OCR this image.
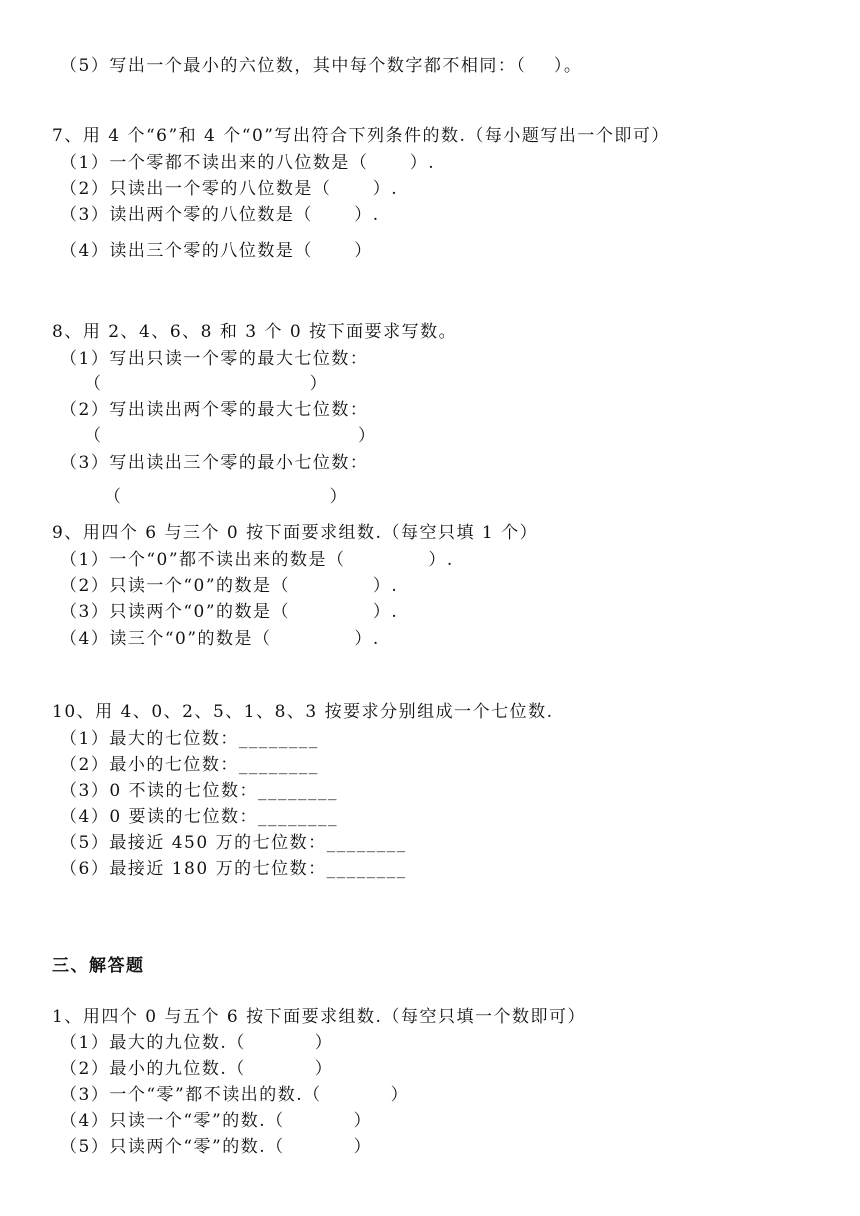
（5）写出一个最小的六位数，其中每个数字都不相同：（    ）。
7、用 4 个“6”和 4 个“0”写出符合下列条件的数.（每小题写出一个即可）
（1）一个零都不读出来的八位数是（      ）.
（2）只读出一个零的八位数是（      ）.
（3）读出两个零的八位数是（      ）.
（4）读出三个零的八位数是（      ）
8、用 2、4、6、8 和 3 个 0 按下面要求写数。
（1）写出只读一个零的最大七位数：
（                              ）
（2）写出读出两个零的最大七位数：
（                                     ）
（3）写出读出三个零的最小七位数：
（                              ）
9、用四个 6 与三个 0 按下面要求组数.（每空只填 1 个）
（1）一个“0”都不读出来的数是（            ）.
（2）只读一个“0”的数是（            ）.
（3）只读两个“0”的数是（            ）.
（4）读三个“0”的数是（            ）.
10、用 4、0、2、5、1、8、3 按要求分别组成一个七位数.
（1）最大的七位数：________
（2）最小的七位数：________
（3）0 不读的七位数：________
（4）0 要读的七位数：________
（5）最接近 450 万的七位数：________
（6）最接近 180 万的七位数：________
三、解答题
1、用四个 0 与五个 6 按下面要求组数.（每空只填一个数即可）
（1）最大的九位数.（          ）
（2）最小的九位数.（          ）
（3）一个“零”都不读出的数.（          ）
（4）只读一个“零”的数.（          ）
（5）只读两个“零”的数.（          ）
